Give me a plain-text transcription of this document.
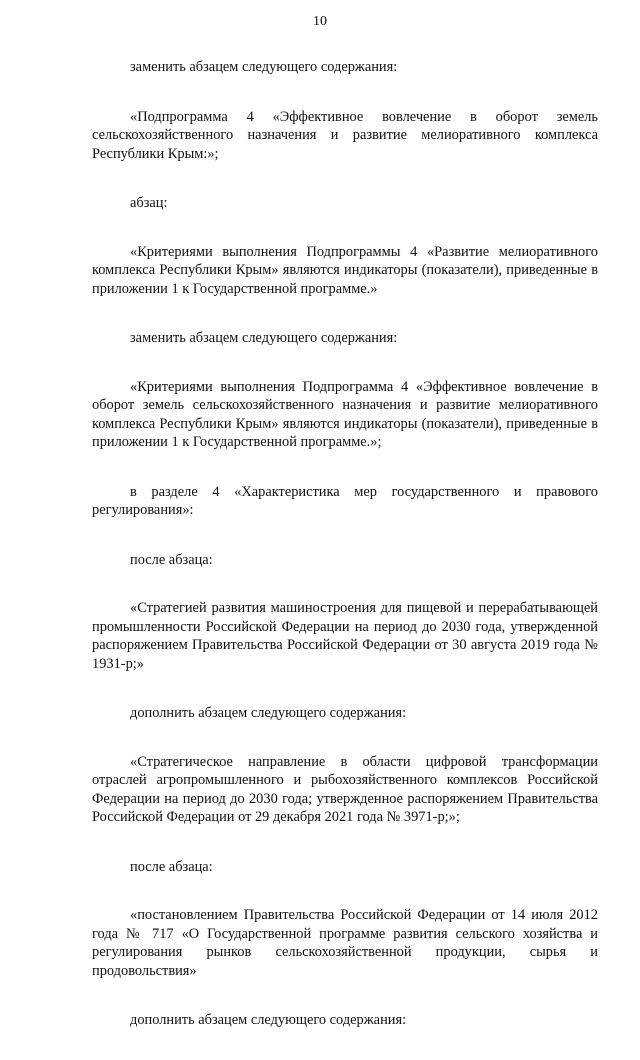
10

заменить абзацем следующего содержания:

«Подпрограмма 4 «Эффективное вовлечение в оборот земель сельскохозяйственного назначения и развитие мелиоративного комплекса Республики Крым:»;

абзац:

«Критериями выполнения Подпрограммы 4 «Развитие мелиоративного комплекса Республики Крым» являются индикаторы (показатели), приведенные в приложении 1 к Государственной программе.»

заменить абзацем следующего содержания:

«Критериями выполнения Подпрограмма 4 «Эффективное вовлечение в оборот земель сельскохозяйственного назначения и развитие мелиоративного комплекса Республики Крым» являются индикаторы (показатели), приведенные в приложении 1 к Государственной программе.»;

в разделе 4 «Характеристика мер государственного и правового регулирования»:

после абзаца:

«Стратегией развития машиностроения для пищевой и перерабатывающей промышленности Российской Федерации на период до 2030 года, утвержденной распоряжением Правительства Российской Федерации от 30 августа 2019 года № 1931-р;»

дополнить абзацем следующего содержания:

«Стратегическое направление в области цифровой трансформации отраслей агропромышленного и рыбохозяйственного комплексов Российской Федерации на период до 2030 года; утвержденное распоряжением Правительства Российской Федерации от 29 декабря 2021 года № 3971-р;»;

после абзаца:

«постановлением Правительства Российской Федерации от 14 июля 2012 года № 717 «О Государственной программе развития сельского хозяйства и регулирования рынков сельскохозяйственной продукции, сырья и продовольствия»

дополнить абзацем следующего содержания:
